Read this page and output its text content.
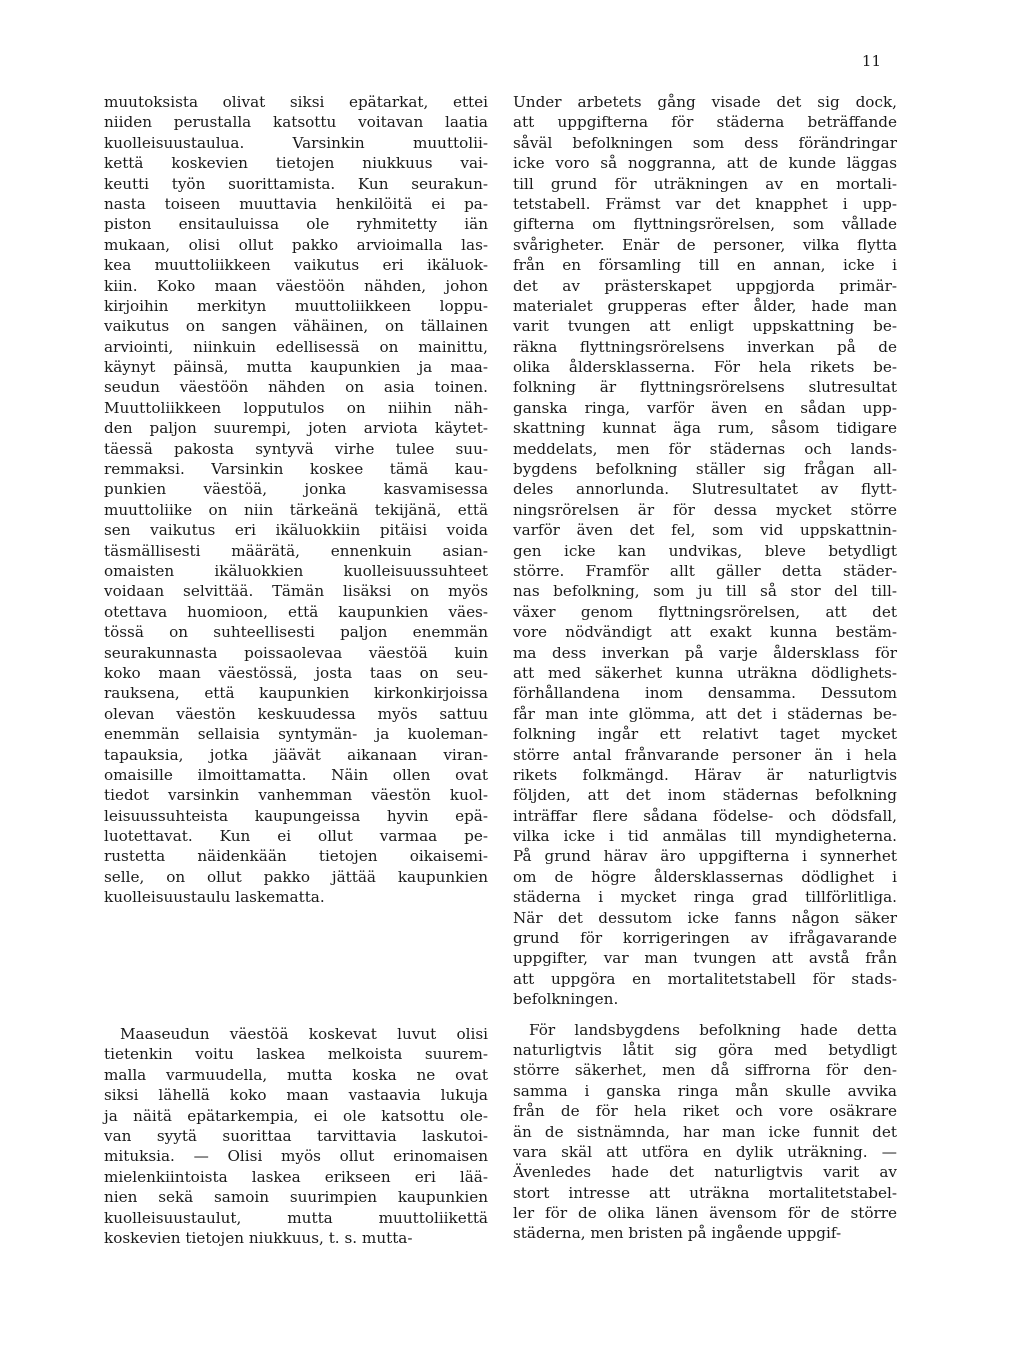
11
muutoksista olivat siksi epätarkat, ettei
niiden perustalla katsottu voitavan laatia
kuolleisuustaulua. Varsinkin muuttolii-
kettä koskevien tietojen niukkuus vai-
keutti työn suorittamista. Kun seurakun-
nasta toiseen muuttavia henkilöitä ei pa-
piston ensitauluissa ole ryhmitetty iän
mukaan, olisi ollut pakko arvioimalla las-
kea muuttoliikkeen vaikutus eri ikäluok-
kiin. Koko maan väestöön nähden, johon
kirjoihin merkityn muuttoliikkeen loppu-
vaikutus on sangen vähäinen, on tällainen
arviointi, niinkuin edellisessä on mainittu,
käynyt päinsä, mutta kaupunkien ja maa-
seudun väestöön nähden on asia toinen.
Muuttoliikkeen lopputulos on niihin näh-
den paljon suurempi, joten arviota käytet-
täessä pakosta syntyvä virhe tulee suu-
remmaksi. Varsinkin koskee tämä kau-
punkien väestöä, jonka kasvamisessa
muuttoliike on niin tärkeänä tekijänä, että
sen vaikutus eri ikäluokkiin pitäisi voida
täsmällisesti määrätä, ennenkuin asian-
omaisten ikäluokkien kuolleisuussuhteet
voidaan selvittää. Tämän lisäksi on myös
otettava huomioon, että kaupunkien väes-
tössä on suhteellisesti paljon enemmän
seurakunnasta poissaolevaa väestöä kuin
koko maan väestössä, josta taas on seu-
rauksena, että kaupunkien kirkonkirjoissa
olevan väestön keskuudessa myös sattuu
enemmän sellaisia syntymän- ja kuoleman-
tapauksia, jotka jäävät aikanaan viran-
omaisille ilmoittamatta. Näin ollen ovat
tiedot varsinkin vanhemman väestön kuol-
leisuussuhteista kaupungeissa hyvin epä-
luotettavat. Kun ei ollut varmaa pe-
rustetta näidenkään tietojen oikaisemi-
selle, on ollut pakko jättää kaupunkien
kuolleisuustaulu laskematta.
Maaseudun väestöä koskevat luvut olisi
tietenkin voitu laskea melkoista suurem-
malla varmuudella, mutta koska ne ovat
siksi lähellä koko maan vastaavia lukuja
ja näitä epätarkempia, ei ole katsottu ole-
van syytä suorittaa tarvittavia laskutoi-
mituksia. — Olisi myös ollut erinomaisen
mielenkiintoista laskea erikseen eri lää-
nien sekä samoin suurimpien kaupunkien
kuolleisuustaulut, mutta muuttoliikettä
koskevien tietojen niukkuus, t. s. mutta-
Under arbetets gång visade det sig dock,
att uppgifterna för städerna beträffande
såväl befolkningen som dess förändringar
icke voro så noggranna, att de kunde läggas
till grund för uträkningen av en mortali-
tetstabell. Främst var det knapphet i upp-
gifterna om flyttningsrörelsen, som vållade
svårigheter. Enär de personer, vilka flytta
från en församling till en annan, icke i
det av prästerskapet uppgjorda primär-
materialet grupperas efter ålder, hade man
varit tvungen att enligt uppskattning be-
räkna flyttningsrörelsens inverkan på de
olika åldersklasserna. För hela rikets be-
folkning är flyttningsrörelsens slutresultat
ganska ringa, varför även en sådan upp-
skattning kunnat äga rum, såsom tidigare
meddelats, men för städernas och lands-
bygdens befolkning ställer sig frågan all-
deles annorlunda. Slutresultatet av flytt-
ningsrörelsen är för dessa mycket större
varför även det fel, som vid uppskattnin-
gen icke kan undvikas, bleve betydligt
större. Framför allt gäller detta städer-
nas befolkning, som ju till så stor del till-
växer genom flyttningsrörelsen, att det
vore nödvändigt att exakt kunna bestäm-
ma dess inverkan på varje åldersklass för
att med säkerhet kunna uträkna dödlighets-
förhållandena inom densamma. Dessutom
får man inte glömma, att det i städernas be-
folkning ingår ett relativt taget mycket
större antal frånvarande personer än i hela
rikets folkmängd. Härav är naturligtvis
följden, att det inom städernas befolkning
inträffar flere sådana födelse- och dödsfall,
vilka icke i tid anmälas till myndigheterna.
På grund härav äro uppgifterna i synnerhet
om de högre åldersklassernas dödlighet i
städerna i mycket ringa grad tillförlitliga.
När det dessutom icke fanns någon säker
grund för korrigeringen av ifrågavarande
uppgifter, var man tvungen att avstå från
att uppgöra en mortalitetstabell för stads-
befolkningen.
För landsbygdens befolkning hade detta
naturligtvis låtit sig göra med betydligt
större säkerhet, men då siffrorna för den-
samma i ganska ringa mån skulle avvika
från de för hela riket och vore osäkrare
än de sistnämnda, har man icke funnit det
vara skäl att utföra en dylik uträkning. —
Ävenledes hade det naturligtvis varit av
stort intresse att uträkna mortalitetstabel-
ler för de olika länen ävensom för de större
städerna, men bristen på ingående uppgif-
